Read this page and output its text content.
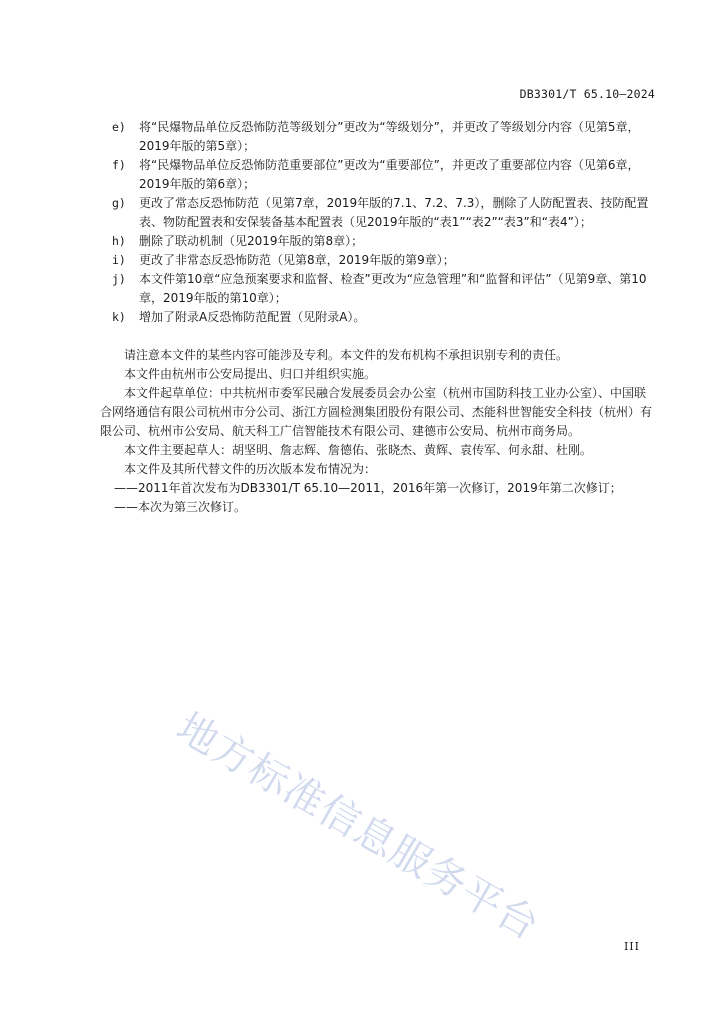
DB3301/T 65.10—2024
e) 将“民爆物品单位反恐怖防范等级划分”更改为“等级划分”，并更改了等级划分内容（见第5章，2019年版的第5章）；
f) 将“民爆物品单位反恐怖防范重要部位”更改为“重要部位”，并更改了重要部位内容（见第6章，2019年版的第6章）；
g) 更改了常态反恐怖防范（见第7章，2019年版的7.1、7.2、7.3），删除了人防配置表、技防配置表、物防配置表和安保装备基本配置表（见2019年版的“表1”“表2”“表3”和“表4”）；
h) 删除了联动机制（见2019年版的第8章）；
i) 更改了非常态反恐怖防范（见第8章，2019年版的第9章）；
j) 本文件第10章“应急预案要求和监督、检查”更改为“应急管理”和“监督和评估”（见第9章、第10章，2019年版的第10章）；
k) 增加了附录A反恐怖防范配置（见附录A）。

请注意本文件的某些内容可能涉及专利。本文件的发布机构不承担识别专利的责任。

本文件由杭州市公安局提出、归口并组织实施。

本文件起草单位：中共杭州市委军民融合发展委员会办公室（杭州市国防科技工业办公室）、中国联合网络通信有限公司杭州市分公司、浙江方圆检测集团股份有限公司、杰能科世智能安全科技（杭州）有限公司、杭州市公安局、航天科工广信智能技术有限公司、建德市公安局、杭州市商务局。

本文件主要起草人：胡坚明、詹志辉、詹德佑、张晓杰、黄辉、袁传军、何永甜、杜刚。

本文件及其所代替文件的历次版本发布情况为：

——2011年首次发布为DB3301/T 65.10—2011，2016年第一次修订，2019年第二次修订；

——本次为第三次修订。

地方标准信息服务平台	III
